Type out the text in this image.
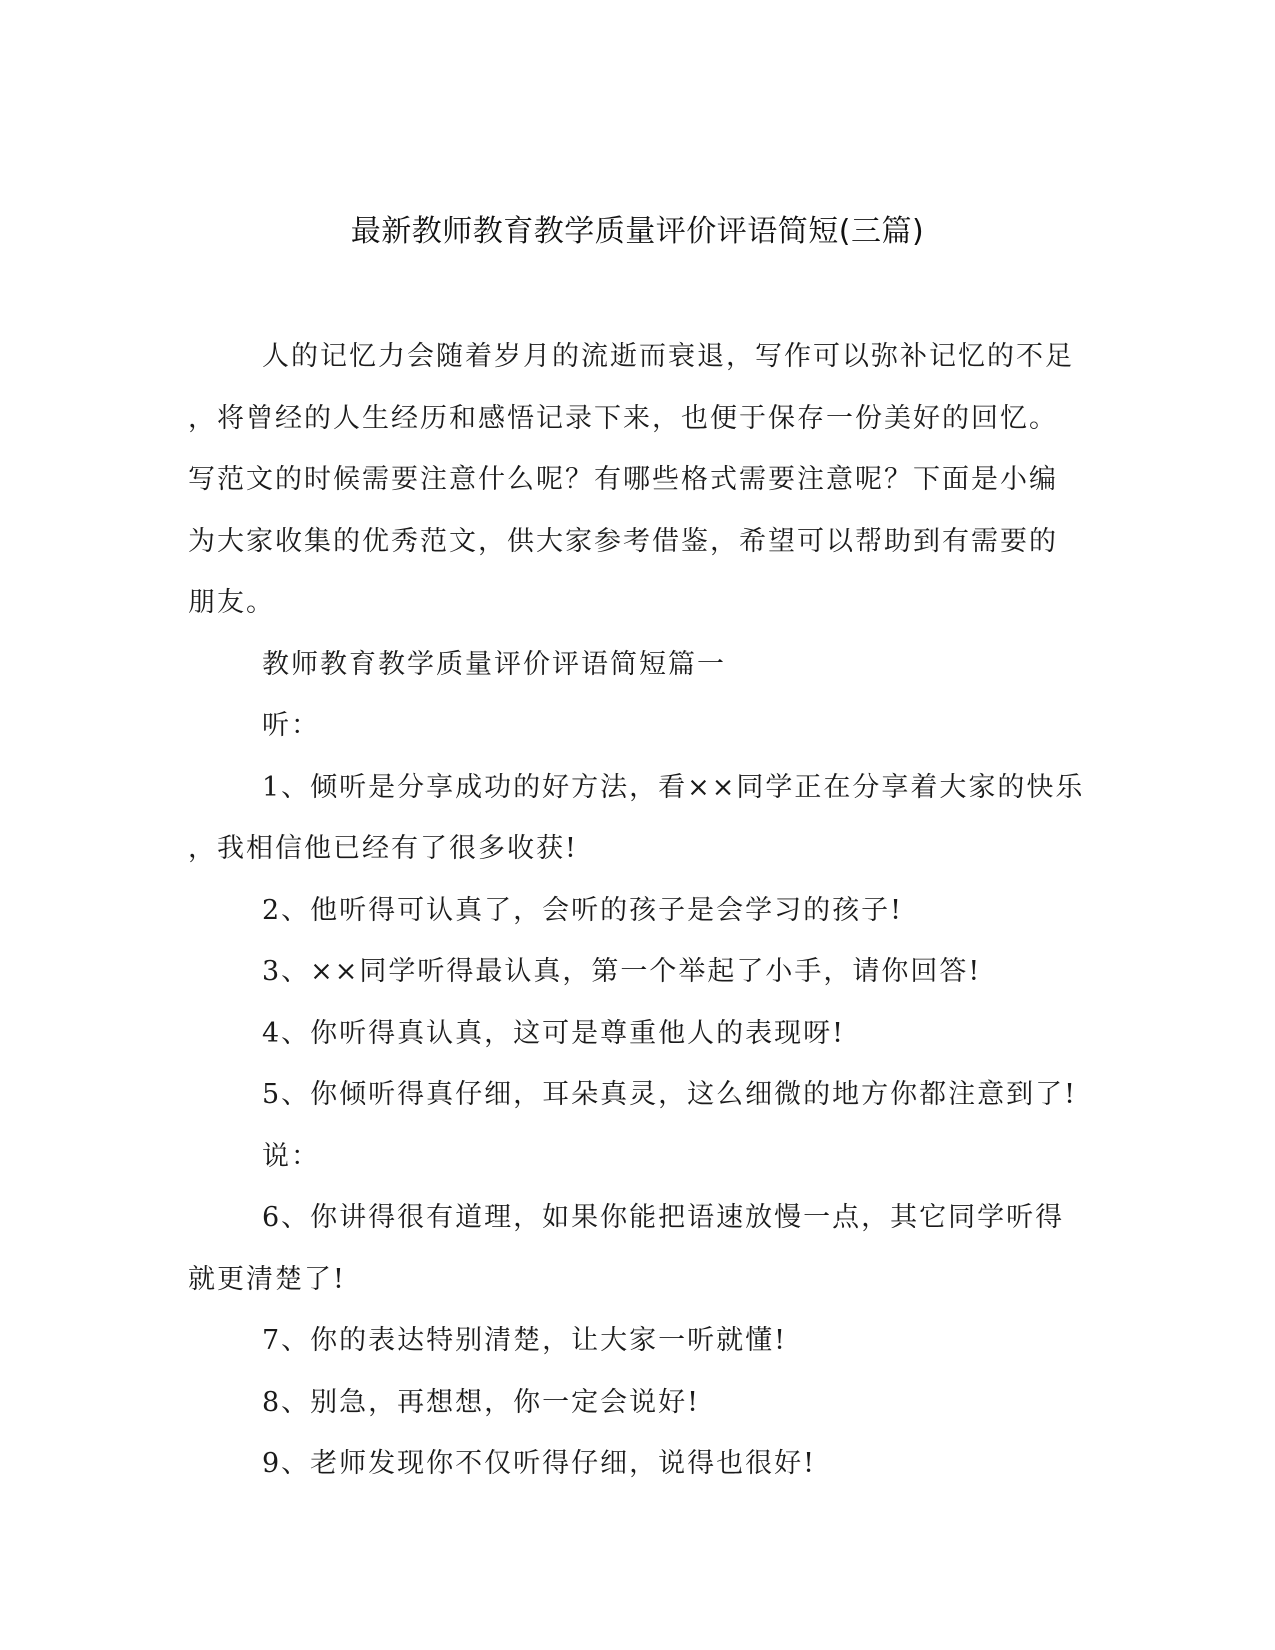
最新教师教育教学质量评价评语简短(三篇)
人的记忆力会随着岁月的流逝而衰退，写作可以弥补记忆的不足
，将曾经的人生经历和感悟记录下来，也便于保存一份美好的回忆。
写范文的时候需要注意什么呢？有哪些格式需要注意呢？下面是小编
为大家收集的优秀范文，供大家参考借鉴，希望可以帮助到有需要的
朋友。
教师教育教学质量评价评语简短篇一
听：
1、倾听是分享成功的好方法，看××同学正在分享着大家的快乐
，我相信他已经有了很多收获!
2、他听得可认真了，会听的孩子是会学习的孩子!
3、××同学听得最认真，第一个举起了小手，请你回答!
4、你听得真认真，这可是尊重他人的表现呀!
5、你倾听得真仔细，耳朵真灵，这么细微的地方你都注意到了!
说：
6、你讲得很有道理，如果你能把语速放慢一点，其它同学听得
就更清楚了!
7、你的表达特别清楚，让大家一听就懂!
8、别急，再想想，你一定会说好!
9、老师发现你不仅听得仔细，说得也很好!
